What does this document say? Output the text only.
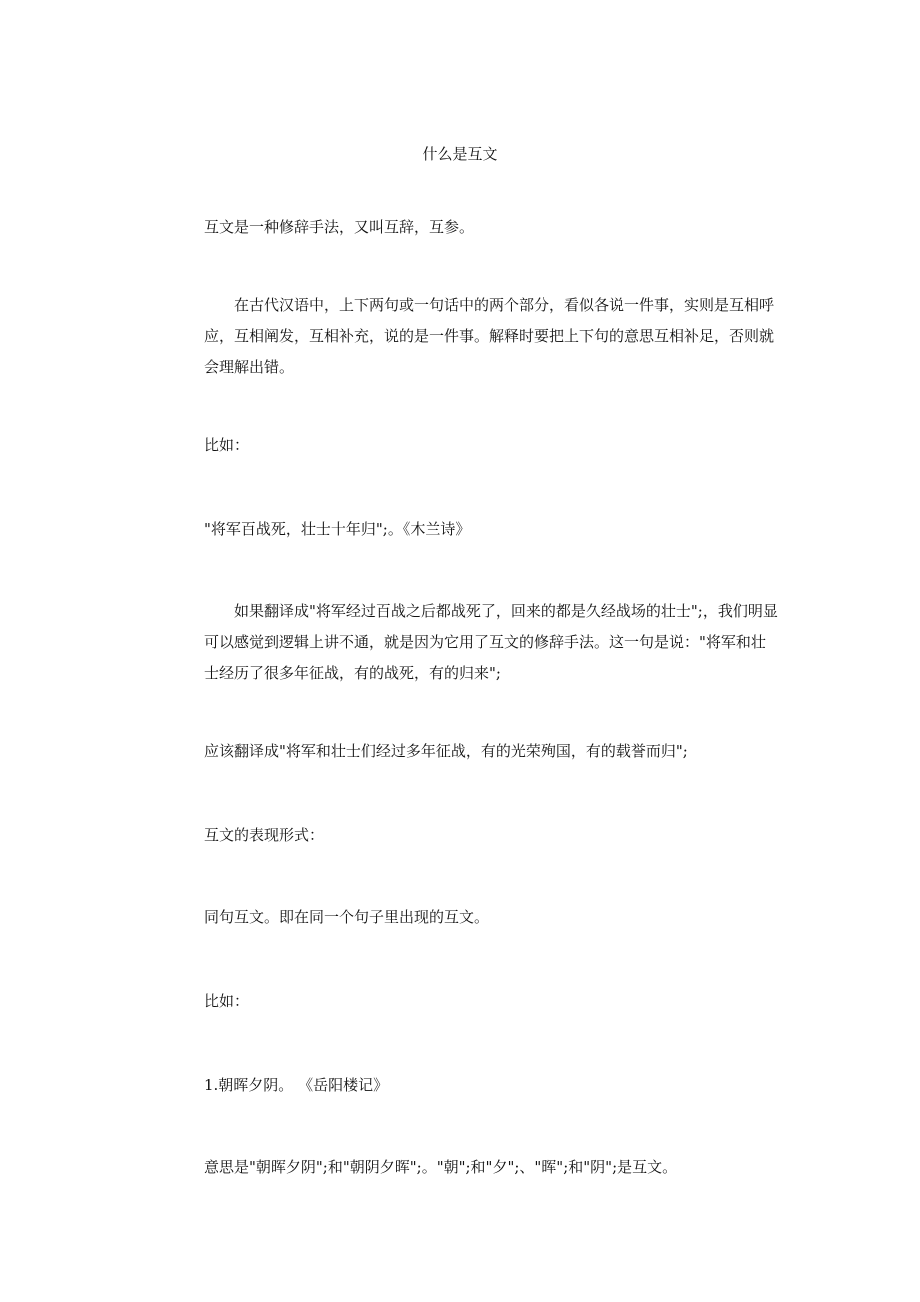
什么是互文

互文是一种修辞手法，又叫互辞，互参。

在古代汉语中，上下两句或一句话中的两个部分，看似各说一件事，实则是互相呼应，互相阐发，互相补充，说的是一件事。解释时要把上下句的意思互相补足，否则就会理解出错。

比如：

"将军百战死，壮士十年归";。《木兰诗》

如果翻译成"将军经过百战之后都战死了，回来的都是久经战场的壮士";，我们明显可以感觉到逻辑上讲不通，就是因为它用了互文的修辞手法。这一句是说："将军和壮士经历了很多年征战，有的战死，有的归来";

应该翻译成"将军和壮士们经过多年征战，有的光荣殉国，有的载誉而归";

互文的表现形式：

同句互文。即在同一个句子里出现的互文。

比如：

1.朝晖夕阴。 《岳阳楼记》

意思是"朝晖夕阴";和"朝阴夕晖";。"朝";和"夕";、"晖";和"阴";是互文。
